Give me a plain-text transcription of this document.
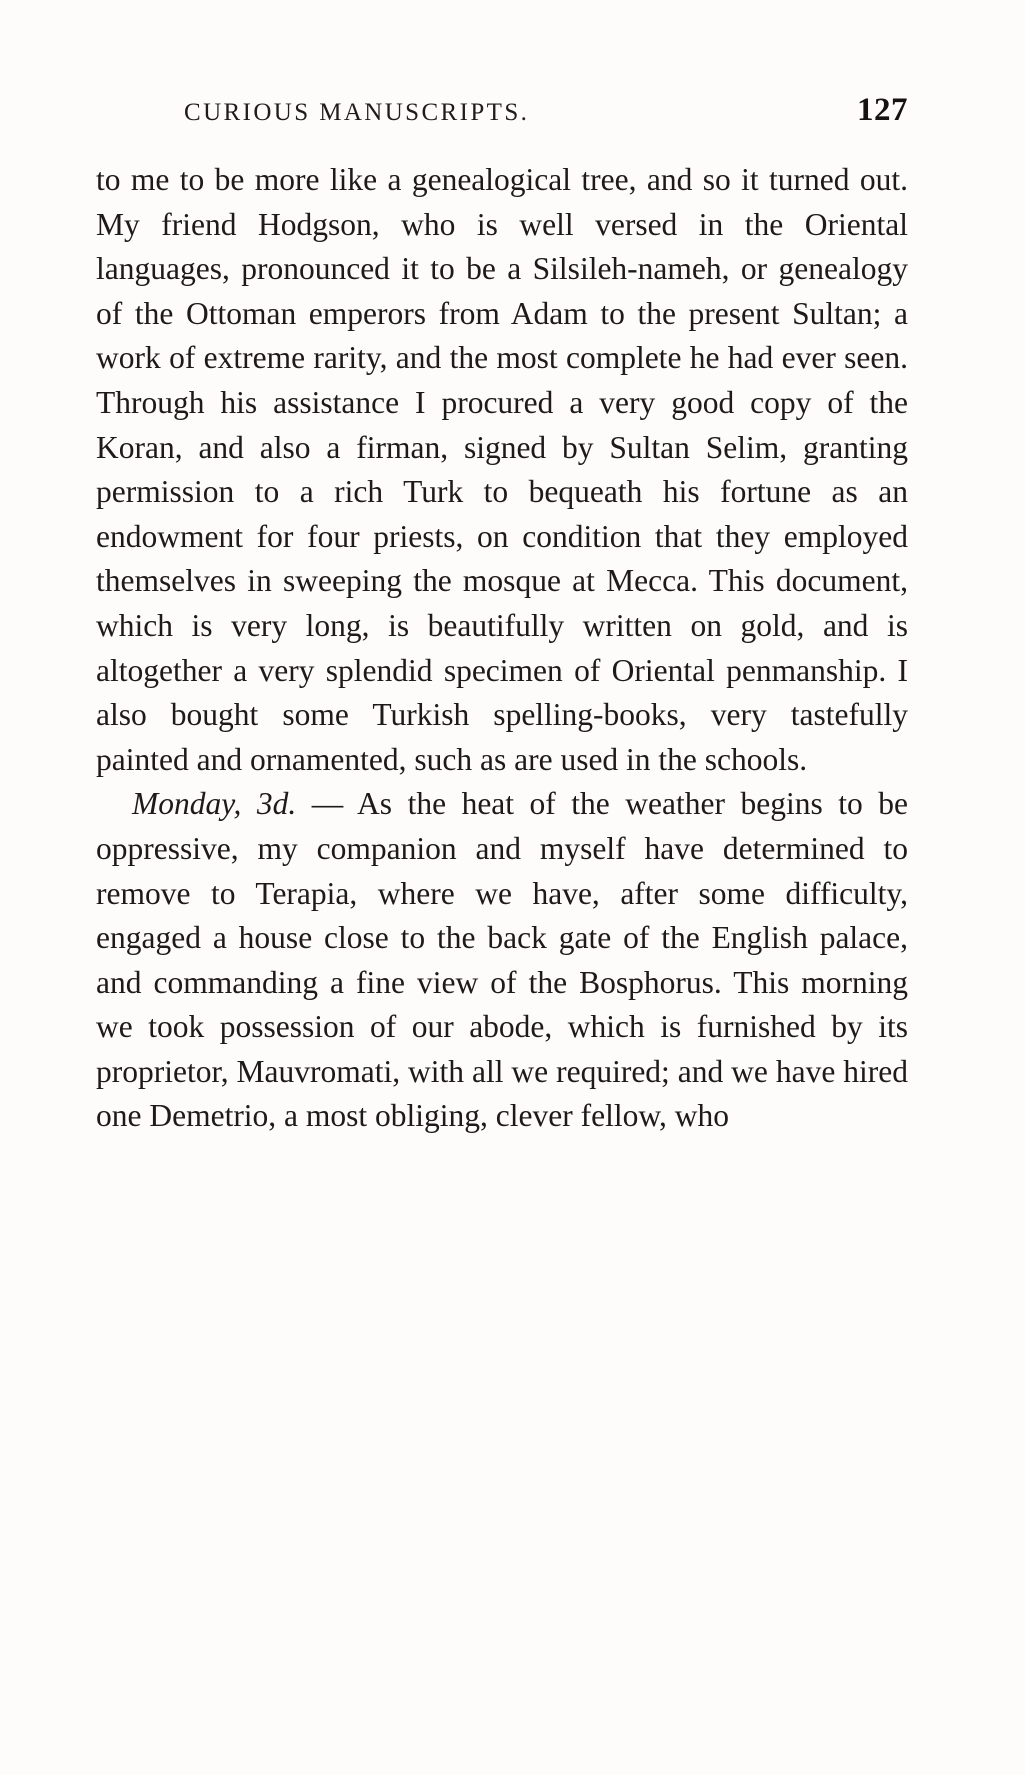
CURIOUS MANUSCRIPTS.	127

to me to be more like a genealogical tree, and so it turned out. My friend Hodgson, who is well versed in the Oriental languages, pronounced it to be a Silsileh-nameh, or genealogy of the Ottoman emperors from Adam to the present Sultan; a work of extreme rarity, and the most complete he had ever seen. Through his assistance I procured a very good copy of the Koran, and also a firman, signed by Sultan Selim, granting permission to a rich Turk to bequeath his fortune as an endowment for four priests, on condition that they employed themselves in sweeping the mosque at Mecca. This document, which is very long, is beautifully written on gold, and is altogether a very splendid specimen of Oriental penmanship. I also bought some Turkish spelling-books, very tastefully painted and ornamented, such as are used in the schools.

Monday, 3d. — As the heat of the weather begins to be oppressive, my companion and myself have determined to remove to Terapia, where we have, after some difficulty, engaged a house close to the back gate of the English palace, and commanding a fine view of the Bosphorus. This morning we took possession of our abode, which is furnished by its proprietor, Mauvromati, with all we required; and we have hired one Demetrio, a most obliging, clever fellow, who
